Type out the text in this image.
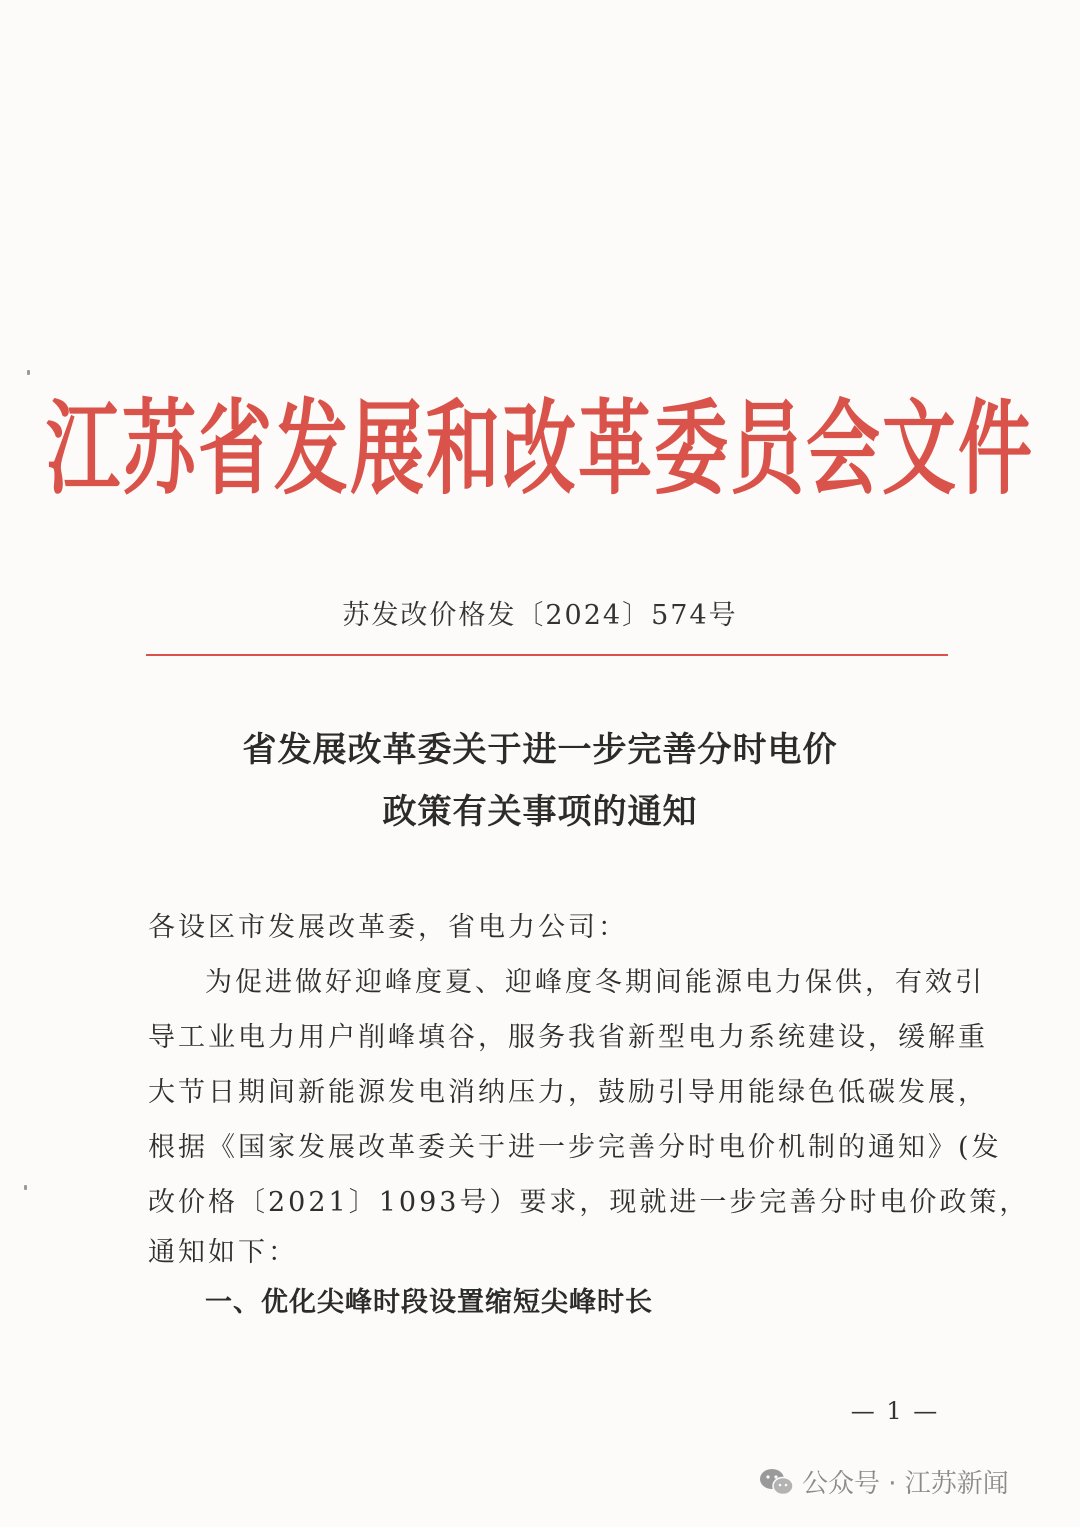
江苏省发展和改革委员会文件
苏发改价格发〔2024〕574号
省发展改革委关于进一步完善分时电价
政策有关事项的通知
各设区市发展改革委，省电力公司：
为促进做好迎峰度夏、迎峰度冬期间能源电力保供，有效引
导工业电力用户削峰填谷，服务我省新型电力系统建设，缓解重
大节日期间新能源发电消纳压力，鼓励引导用能绿色低碳发展，
根据《国家发展改革委关于进一步完善分时电价机制的通知》(发
改价格〔2021〕1093号）要求，现就进一步完善分时电价政策，
通知如下：
一、优化尖峰时段设置缩短尖峰时长
— 1 —
公众号 · 江苏新闻
